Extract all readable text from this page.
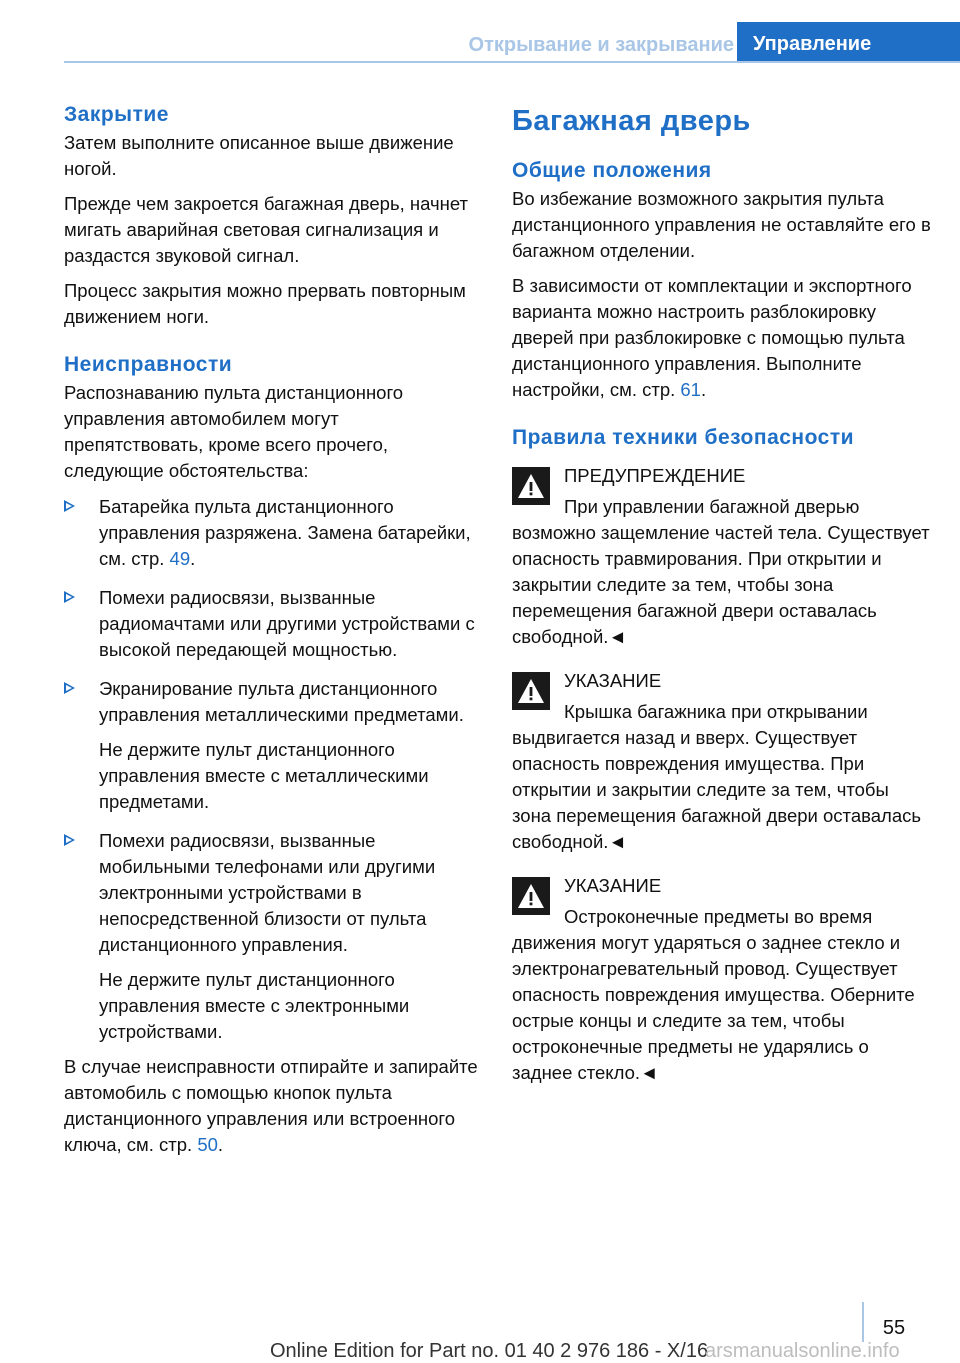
Открывание и закрывание Управление
Закрытие

Затем выполните описанное выше движение ногой.

Прежде чем закроется багажная дверь, начнет мигать аварийная световая сигнализация и раздастся звуковой сигнал.

Процесс закрытия можно прервать повторным движением ноги.

Неисправности

Распознаванию пульта дистанционного управления автомобилем могут препятствовать, кроме всего прочего, следующие обстоятельства:

Батарейка пульта дистанционного управления разряжена. Замена батарейки, см. стр. 49.
Помехи радиосвязи, вызванные радиомачтами или другими устройствами с высокой передающей мощностью.
Экранирование пульта дистанционного управления металлическими предметами.
Не держите пульт дистанционного управления вместе с металлическими предметами.
Помехи радиосвязи, вызванные мобильными телефонами или другими электронными устройствами в непосредственной близости от пульта дистанционного управления.
Не держите пульт дистанционного управления вместе с электронными устройствами.

В случае неисправности отпирайте и запирайте автомобиль с помощью кнопок пульта дистанционного управления или встроенного ключа, см. стр. 50.

Багажная дверь
Общие положения

Во избежание возможного закрытия пульта дистанционного управления не оставляйте его в багажном отделении.

В зависимости от комплектации и экспортного варианта можно настроить разблокировку дверей при разблокировке с помощью пульта дистанционного управления. Выполните настройки, см. стр. 61.

Правила техники безопасности
ПРЕДУПРЕЖДЕНИЕ

При управлении багажной дверью возможно защемление частей тела. Существует опасность травмирования. При открытии и закрытии следите за тем, чтобы зона перемещения багажной двери оставалась свободной.◄

УКАЗАНИЕ

Крышка багажника при открывании выдвигается назад и вверх. Существует опасность повреждения имущества. При открытии и закрытии следите за тем, чтобы зона перемещения багажной двери оставалась свободной.◄

УКАЗАНИЕ

Остроконечные предметы во время движения могут ударяться о заднее стекло и электронагревательный провод. Существует опасность повреждения имущества. Оберните острые концы и следите за тем, чтобы остроконечные предметы не ударялись о заднее стекло.◄

55
Online Edition for Part no. 01 40 2 976 186 - X/16
arsmanualsonline.info
